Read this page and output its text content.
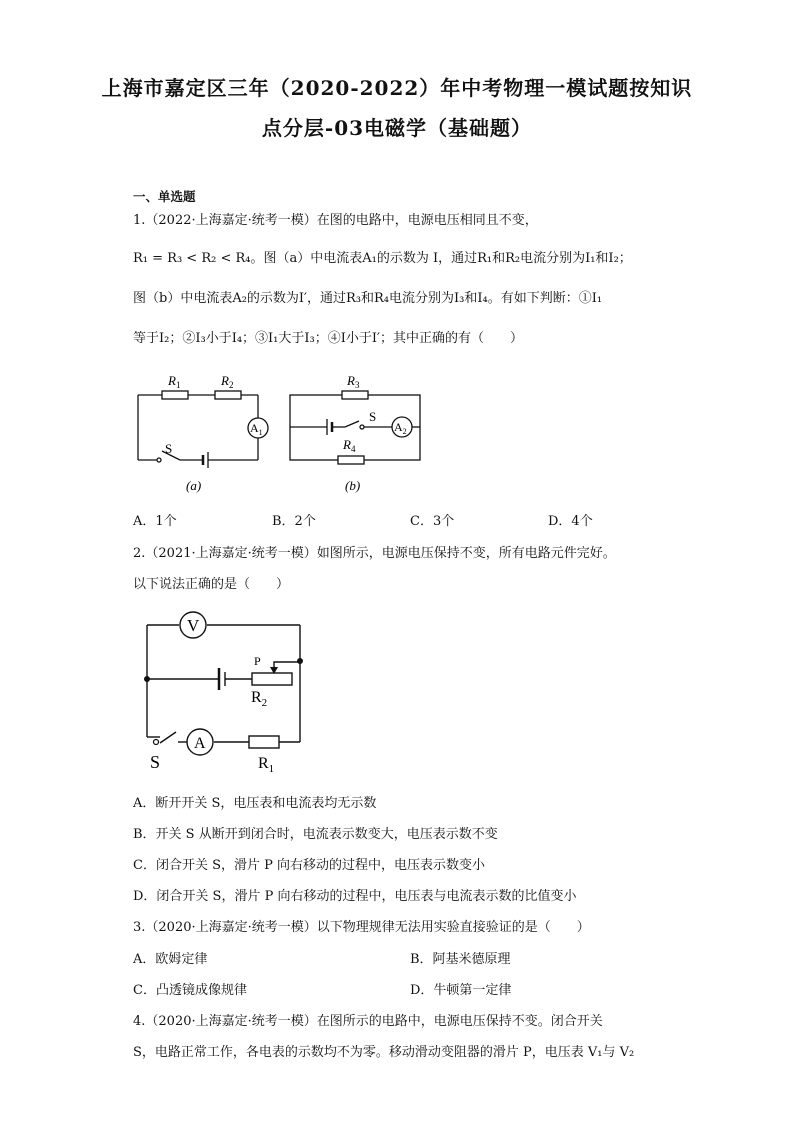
上海市嘉定区三年（2020-2022）年中考物理一模试题按知识
点分层-03电磁学（基础题）
一、单选题
1.（2022·上海嘉定·统考一模）在图的电路中，电源电压相同且不变，
R₁ = R₃ < R₂ < R₄。图（a）中电流表A₁的示数为 I，通过R₁和R₂电流分别为I₁和I₂；
图（b）中电流表A₂的示数为I′，通过R₃和R₄电流分别为I₃和I₄。有如下判断：①I₁
等于I₂；②I₃小于I₄；③I₁大于I₃；④I小于I′；其中正确的有（　　）
$R_1$	$R_2$
$A_1$
S
(a)
$R_3$
$R_4$
$A_2$
S
(b)
A．1个	B．2个	C．3个	D．4个
2.（2021·上海嘉定·统考一模）如图所示，电源电压保持不变，所有电路元件完好。
以下说法正确的是（　　）
V
A
P
$R_2$
$R_1$
S
A．断开开关 S，电压表和电流表均无示数
B．开关 S 从断开到闭合时，电流表示数变大，电压表示数不变
C．闭合开关 S，滑片 P 向右移动的过程中，电压表示数变小
D．闭合开关 S，滑片 P 向右移动的过程中，电压表与电流表示数的比值变小
3.（2020·上海嘉定·统考一模）以下物理规律无法用实验直接验证的是（　　）
A．欧姆定律	B．阿基米德原理
C．凸透镜成像规律	D．牛顿第一定律
4.（2020·上海嘉定·统考一模）在图所示的电路中，电源电压保持不变。闭合开关
S，电路正常工作，各电表的示数均不为零。移动滑动变阻器的滑片 P，电压表 V₁与 V₂
